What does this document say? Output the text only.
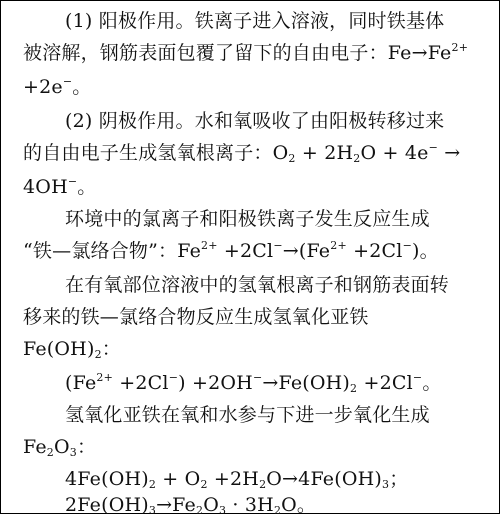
(1) 阳极作用。铁离子进入溶液，同时铁基体
被溶解，钢筋表面包覆了留下的自由电子：$Fe\to Fe^{2+}$
+2e−。
(2) 阴极作用。水和氧吸收了由阳极转移过来
的自由电子生成氢氧根离子：$O_2 + 2H_2O + 4e^-$ →
4OH−。
环境中的氯离子和阳极铁离子发生反应生成
“铁—氯络合物”：$Fe^{2+} +2Cl^-\to(Fe^{2+} +2Cl^-)$。
在有氧部位溶液中的氢氧根离子和钢筋表面转
移来的铁—氯络合物反应生成氢氧化亚铁
$Fe(OH)_2$：
$(Fe^{2+} +2Cl^-) +2OH^-\to Fe(OH)_2 +2Cl^-$。
氢氧化亚铁在氧和水参与下进一步氧化生成
$Fe_2O_3$：
$4Fe(OH)_2 + O_2 +2H_2O\to 4Fe(OH)_3$；
$2Fe(OH)_3\to Fe_2O_3 \cdot 3H_2O$。
